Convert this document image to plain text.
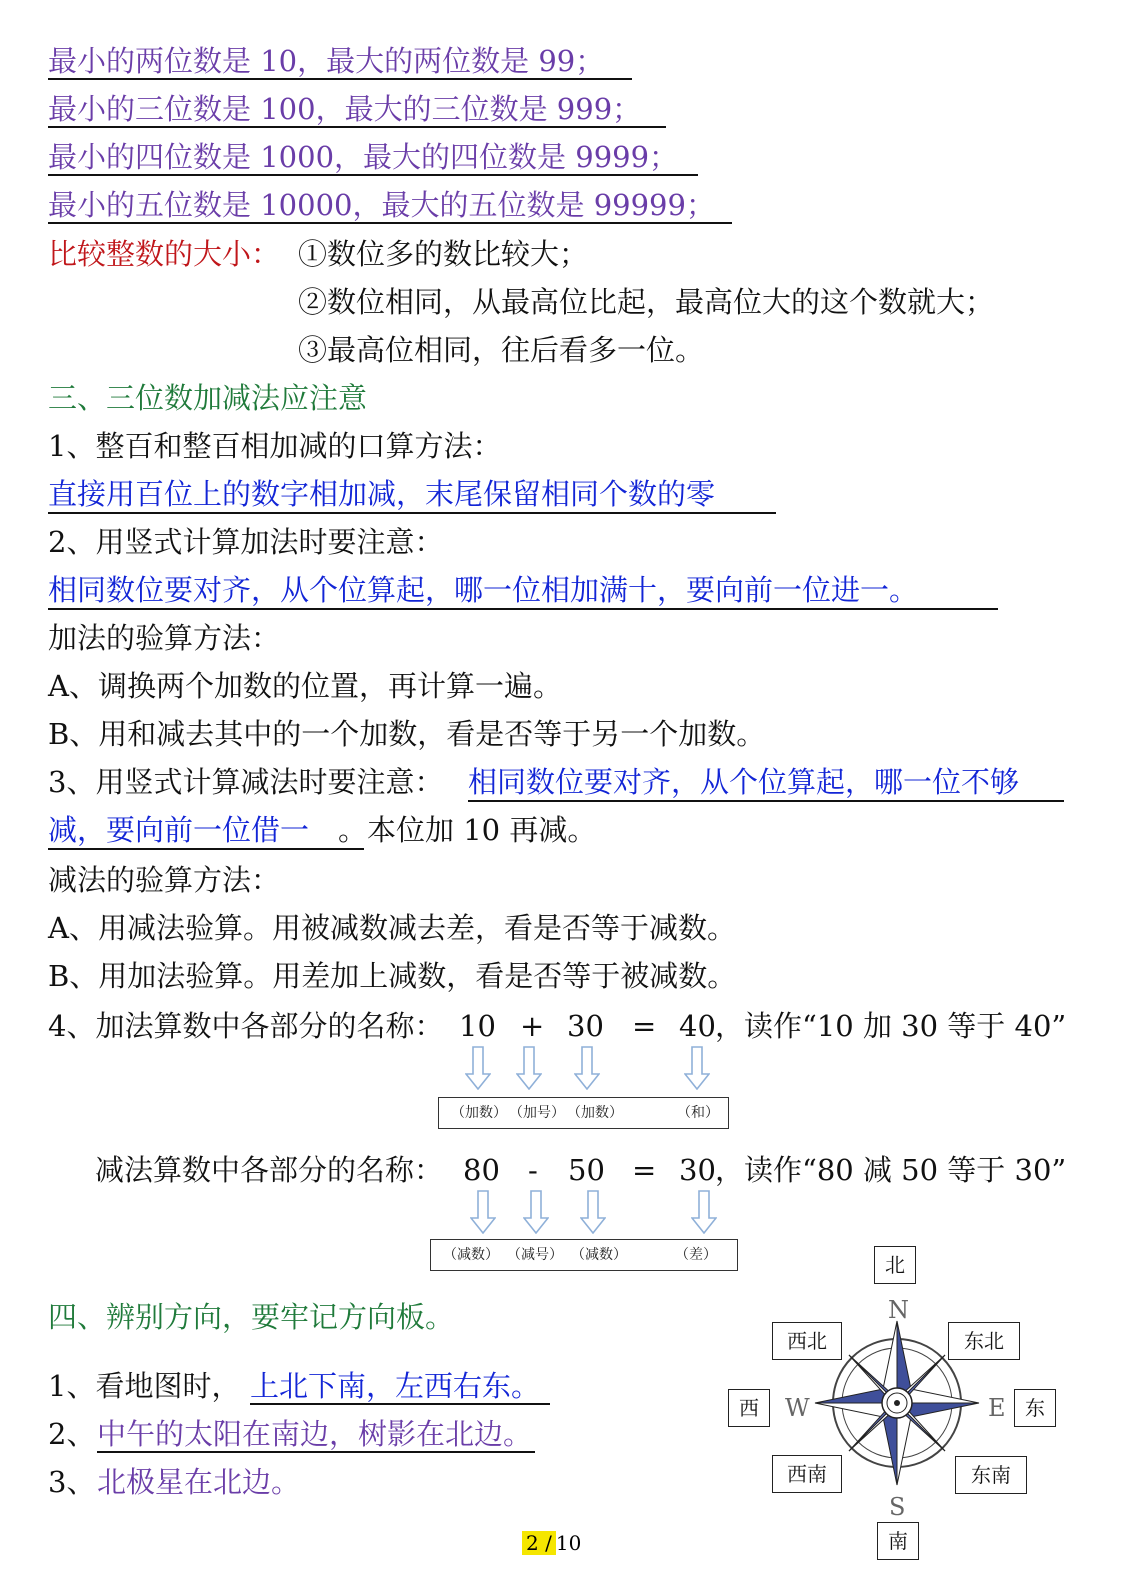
最小的两位数是 10，最大的两位数是 99；
最小的三位数是 100，最大的三位数是 999；
最小的四位数是 1000，最大的四位数是 9999；
最小的五位数是 10000，最大的五位数是 99999；
比较整数的大小： ①数位多的数比较大；
②数位相同，从最高位比起，最高位大的这个数就大；
③最高位相同，往后看多一位。
三、三位数加减法应注意
1、整百和整百相加减的口算方法：
直接用百位上的数字相加减，末尾保留相同个数的零
2、用竖式计算加法时要注意：
相同数位要对齐，从个位算起，哪一位相加满十，要向前一位进一。
加法的验算方法：
A、调换两个加数的位置，再计算一遍。
B、用和减去其中的一个加数，看是否等于另一个加数。
3、用竖式计算减法时要注意： 相同数位要对齐，从个位算起，哪一位不够
减，要向前一位借一 。本位加 10 再减。
减法的验算方法：
A、用减法验算。用被减数减去差，看是否等于减数。
B、用加法验算。用差加上减数，看是否等于被减数。
4、加法算数中各部分的名称： 10 + 30 = 40 ，读作“10 加 30 等于 40”
（加数） （加号） （加数）	（和）
减法算数中各部分的名称： 80 - 50 = 30 ，读作“80 减 50 等于 30”
（减数） （减号） （减数）	（差）
四、辨别方向，要牢记方向板。
1、看地图时， 上北下南，左西右东。
2、 中午的太阳在南边，树影在北边。
3、 北极星在北边。
N
S
W	E
北
南
西	东
西北	东北
西南	东南
2 / 10
